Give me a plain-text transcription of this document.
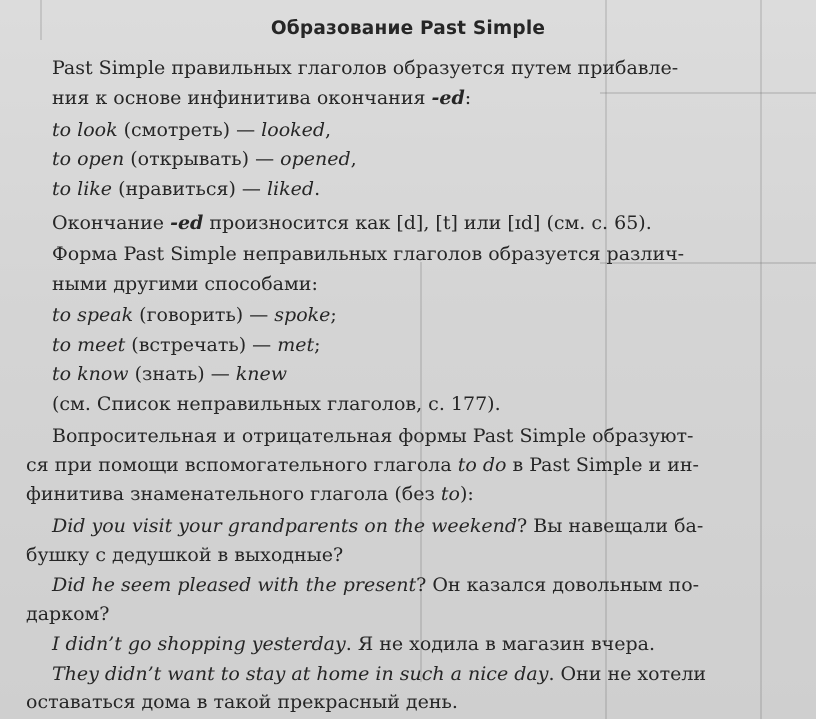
Образование Past Simple
Past Simple правильных глаголов образуется путем прибавле-
ния к основе инфинитива окончания -ed:
to look (смотреть) — looked,
to open (открывать) — opened,
to like (нравиться) — liked.
Окончание -ed произносится как [d], [t] или [ɪd] (см. с. 65).
Форма Past Simple неправильных глаголов образуется различ-
ными другими способами:
to speak (говорить) — spoke;
to meet (встречать) — met;
to know (знать) — knew
(см. Список неправильных глаголов, с. 177).
Вопросительная и отрицательная формы Past Simple образуют-
ся при помощи вспомогательного глагола to do в Past Simple и ин-
финитива знаменательного глагола (без to):
Did you visit your grandparents on the weekend? Вы навещали ба-
бушку с дедушкой в выходные?
Did he seem pleased with the present? Он казался довольным по-
дарком?
I didn’t go shopping yesterday. Я не ходила в магазин вчера.
They didn’t want to stay at home in such a nice day. Они не хотели
оставаться дома в такой прекрасный день.
